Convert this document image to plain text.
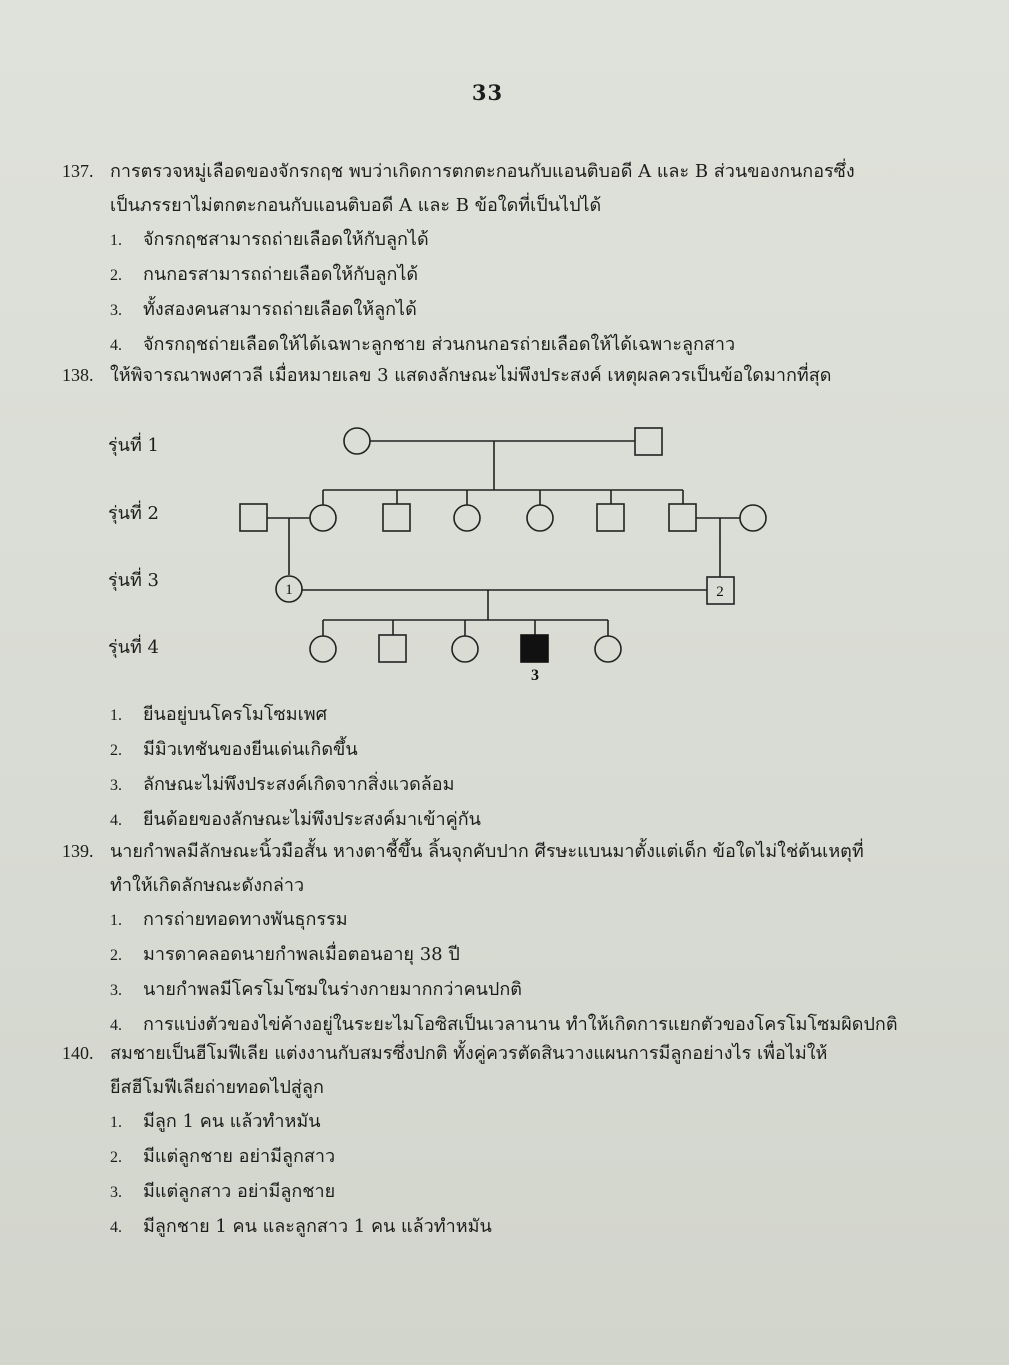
33
137. การตรวจหมู่เลือดของจักรกฤช พบว่าเกิดการตกตะกอนกับแอนติบอดี A และ B ส่วนของกนกอรซึ่ง
เป็นภรรยาไม่ตกตะกอนกับแอนติบอดี A และ B ข้อใดที่เป็นไปได้
1.	จักรกฤชสามารถถ่ายเลือดให้กับลูกได้
2.	กนกอรสามารถถ่ายเลือดให้กับลูกได้
3.	ทั้งสองคนสามารถถ่ายเลือดให้ลูกได้
4.	จักรกฤชถ่ายเลือดให้ได้เฉพาะลูกชาย ส่วนกนกอรถ่ายเลือดให้ได้เฉพาะลูกสาว
138. ให้พิจารณาพงศาวลี เมื่อหมายเลข 3 แสดงลักษณะไม่พึงประสงค์ เหตุผลควรเป็นข้อใดมากที่สุด
รุ่นที่ 1
รุ่นที่ 2
รุ่นที่ 3
รุ่นที่ 4
1	2
3
1.	ยีนอยู่บนโครโมโซมเพศ
2.	มีมิวเทชันของยีนเด่นเกิดขึ้น
3.	ลักษณะไม่พึงประสงค์เกิดจากสิ่งแวดล้อม
4.	ยีนด้อยของลักษณะไม่พึงประสงค์มาเข้าคู่กัน
139. นายกำพลมีลักษณะนิ้วมือสั้น หางตาชี้ขึ้น ลิ้นจุกคับปาก ศีรษะแบนมาตั้งแต่เด็ก ข้อใดไม่ใช่ต้นเหตุที่
ทำให้เกิดลักษณะดังกล่าว
1.	การถ่ายทอดทางพันธุกรรม
2.	มารดาคลอดนายกำพลเมื่อตอนอายุ 38 ปี
3.	นายกำพลมีโครโมโซมในร่างกายมากกว่าคนปกติ
4.	การแบ่งตัวของไข่ค้างอยู่ในระยะไมโอซิสเป็นเวลานาน ทำให้เกิดการแยกตัวของโครโมโซมผิดปกติ
140. สมชายเป็นฮีโมฟีเลีย แต่งงานกับสมรซึ่งปกติ ทั้งคู่ควรตัดสินวางแผนการมีลูกอย่างไร เพื่อไม่ให้
ยีสฮีโมฟีเลียถ่ายทอดไปสู่ลูก
1.	มีลูก 1 คน แล้วทำหมัน
2.	มีแต่ลูกชาย อย่ามีลูกสาว
3.	มีแต่ลูกสาว อย่ามีลูกชาย
4.	มีลูกชาย 1 คน และลูกสาว 1 คน แล้วทำหมัน
